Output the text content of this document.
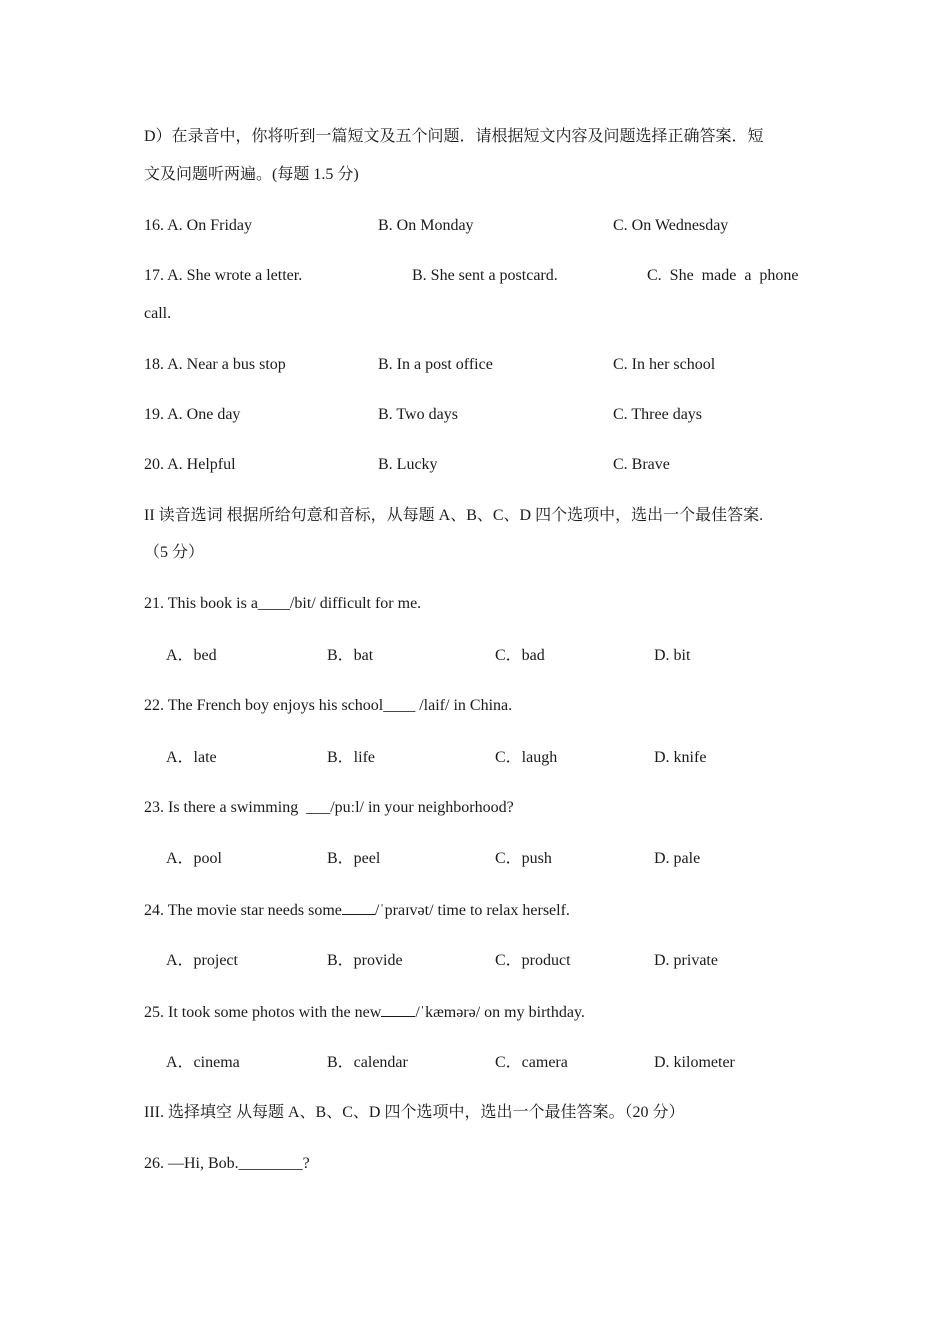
D）在录音中，你将听到一篇短文及五个问题．请根据短文内容及问题选择正确答案．短
文及问题听两遍。(每题 1.5 分)
16. A. On Friday	B. On Monday	C. On Wednesday
17. A. She wrote a letter.	B. She sent a postcard.	C.  She  made  a  phone
call.
18. A. Near a bus stop	B. In a post office	C. In her school
19. A. One day	B. Two days	C. Three days
20. A. Helpful	B. Lucky	C. Brave
II 读音选词 根据所给句意和音标，从每题 A、B、C、D 四个选项中，选出一个最佳答案.
（5 分）
21. This book is a____/bit/ difficult for me.
A．bed	B．bat	C．bad	D. bit
22. The French boy enjoys his school____ /laif/ in China.
A．late	B．life	C．laugh	D. knife
23. Is there a swimming  ___/puːl/ in your neighborhood?
A．pool	B．peel	C．push	D. pale
24. The movie star needs some /ˈpraɪvət/ time to relax herself.
A．project	B．provide	C．product	D. private
25. It took some photos with the new /ˈkæmərə/ on my birthday.
A．cinema	B．calendar	C．camera	D. kilometer
III. 选择填空 从每题 A、B、C、D 四个选项中，选出一个最佳答案。（20 分）
26. —Hi, Bob.________?
